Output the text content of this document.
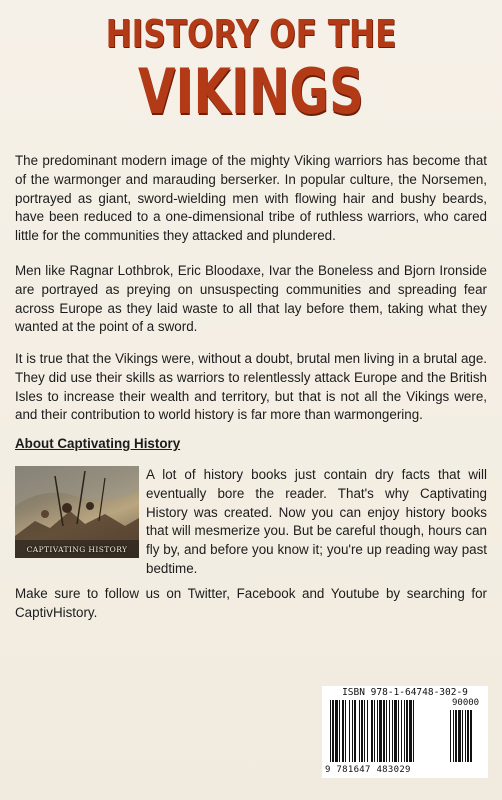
HISTORY OF THE
VIKINGS

The predominant modern image of the mighty Viking warriors has become that of the warmonger and marauding berserker. In popular culture, the Norsemen, portrayed as giant, sword-wielding men with flowing hair and bushy beards, have been reduced to a one-dimensional tribe of ruthless warriors, who cared little for the communities they attacked and plundered.

Men like Ragnar Lothbrok, Eric Bloodaxe, Ivar the Boneless and Bjorn Ironside are portrayed as preying on unsuspecting communities and spreading fear across Europe as they laid waste to all that lay before them, taking what they wanted at the point of a sword.

It is true that the Vikings were, without a doubt, brutal men living in a brutal age. They did use their skills as warriors to relentlessly attack Europe and the British Isles to increase their wealth and territory, but that is not all the Vikings were, and their contribution to world history is far more than warmongering.

About Captivating History
CAPTIVATING HISTORY

A lot of history books just contain dry facts that will eventually bore the reader. That's why Captivating History was created. Now you can enjoy history books that will mesmerize you. But be careful though, hours can fly by, and before you know it; you're up reading way past bedtime.

Make sure to follow us on Twitter, Facebook and Youtube by searching for CaptivHistory.

ISBN 978-1-64748-302-9
90000
9 781647 483029
